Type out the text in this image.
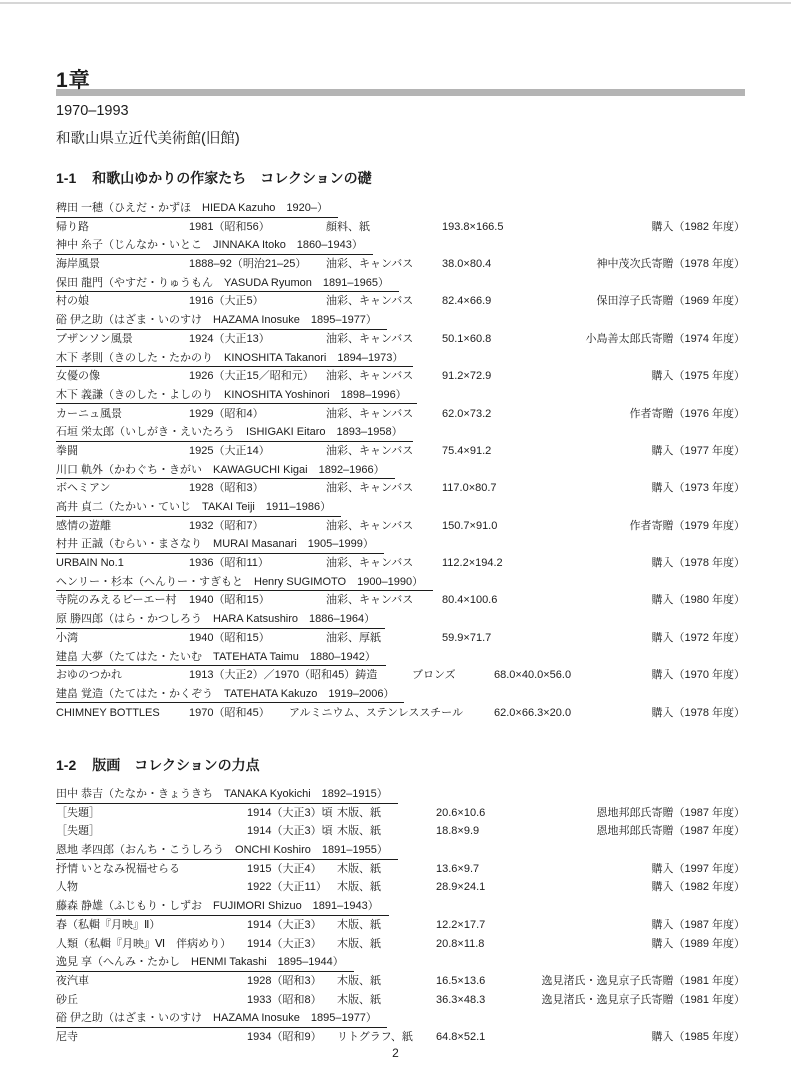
1章
1970–1993
和歌山県立近代美術館(旧館)
1-1 和歌山ゆかりの作家たち　コレクションの礎
稗田 一穂（ひえだ・かずほ　HIEDA Kazuho　1920–）
帰り路	1981（昭和56）	顔料、紙	193.8×166.5	購入（1982 年度）
神中 糸子（じんなか・いとこ　JINNAKA Itoko　1860–1943）
海岸風景	1888–92（明治21–25） 油彩、キャンバス	38.0×80.4	神中茂次氏寄贈（1978 年度）
保田 龍門（やすだ・りゅうもん　YASUDA Ryumon　1891–1965）
村の娘	1916（大正5）	油彩、キャンバス	82.4×66.9	保田淳子氏寄贈（1969 年度）
硲 伊之助（はざま・いのすけ　HAZAMA Inosuke　1895–1977）
ブザンソン風景	1924（大正13）	油彩、キャンバス	50.1×60.8	小島善太郎氏寄贈（1974 年度）
木下 孝則（きのした・たかのり　KINOSHITA Takanori　1894–1973）
女優の像	1926（大正15／昭和元） 油彩、キャンバス	91.2×72.9	購入（1975 年度）
木下 義謙（きのした・よしのり　KINOSHITA Yoshinori　1898–1996）
カーニュ風景	1929（昭和4）	油彩、キャンバス	62.0×73.2	作者寄贈（1976 年度）
石垣 栄太郎（いしがき・えいたろう　ISHIGAKI Eitaro　1893–1958）
拳闘	1925（大正14）	油彩、キャンバス	75.4×91.2	購入（1977 年度）
川口 軌外（かわぐち・きがい　KAWAGUCHI Kigai　1892–1966）
ボヘミアン	1928（昭和3）	油彩、キャンバス	117.0×80.7	購入（1973 年度）
高井 貞二（たかい・ていじ　TAKAI Teiji　1911–1986）
感情の遊離	1932（昭和7）	油彩、キャンバス	150.7×91.0	作者寄贈（1979 年度）
村井 正誠（むらい・まさなり　MURAI Masanari　1905–1999）
URBAIN No.1	1936（昭和11）	油彩、キャンバス	112.2×194.2	購入（1978 年度）
ヘンリー・杉本（へんりー・すぎもと　Henry SUGIMOTO　1900–1990）
寺院のみえるビーエー村 1940（昭和15）	油彩、キャンバス	80.4×100.6	購入（1980 年度）
原 勝四郎（はら・かつしろう　HARA Katsushiro　1886–1964）
小湾	1940（昭和15）	油彩、厚紙	59.9×71.7	購入（1972 年度）
建畠 大夢（たてはた・たいむ　TATEHATA Taimu　1880–1942）
おゆのつかれ	1913（大正2）／1970（昭和45）鋳造	ブロンズ	68.0×40.0×56.0	購入（1970 年度）
建畠 覚造（たてはた・かくぞう　TATEHATA Kakuzo　1919–2006）
CHIMNEY BOTTLES	1970（昭和45） アルミニウム、ステンレススチール	62.0×66.3×20.0	購入（1978 年度）
1-2 版画　コレクションの力点
田中 恭吉（たなか・きょうきち　TANAKA Kyokichi　1892–1915）
［失題］	1914（大正3）頃 木版、紙	20.6×10.6	恩地邦郎氏寄贈（1987 年度）
［失題］	1914（大正3）頃 木版、紙	18.8×9.9	恩地邦郎氏寄贈（1987 年度）
恩地 孝四郎（おんち・こうしろう　ONCHI Koshiro　1891–1955）
抒情 いとなみ祝福せらる	1915（大正4） 木版、紙	13.6×9.7	購入（1997 年度）
人物	1922（大正11） 木版、紙	28.9×24.1	購入（1982 年度）
藤森 静雄（ふじもり・しずお　FUJIMORI Shizuo　1891–1943）
春（私輯『月映』Ⅱ）	1914（大正3） 木版、紙	12.2×17.7	購入（1987 年度）
人類（私輯『月映』Ⅵ　伴病めり） 1914（大正3） 木版、紙	20.8×11.8	購入（1989 年度）
逸見 享（へんみ・たかし　HENMI Takashi　1895–1944）
夜汽車	1928（昭和3） 木版、紙	16.5×13.6	逸見渚氏・逸見京子氏寄贈（1981 年度）
砂丘	1933（昭和8） 木版、紙	36.3×48.3	逸見渚氏・逸見京子氏寄贈（1981 年度）
硲 伊之助（はざま・いのすけ　HAZAMA Inosuke　1895–1977）
尼寺	1934（昭和9） リトグラフ、紙 64.8×52.1	購入（1985 年度）
2
